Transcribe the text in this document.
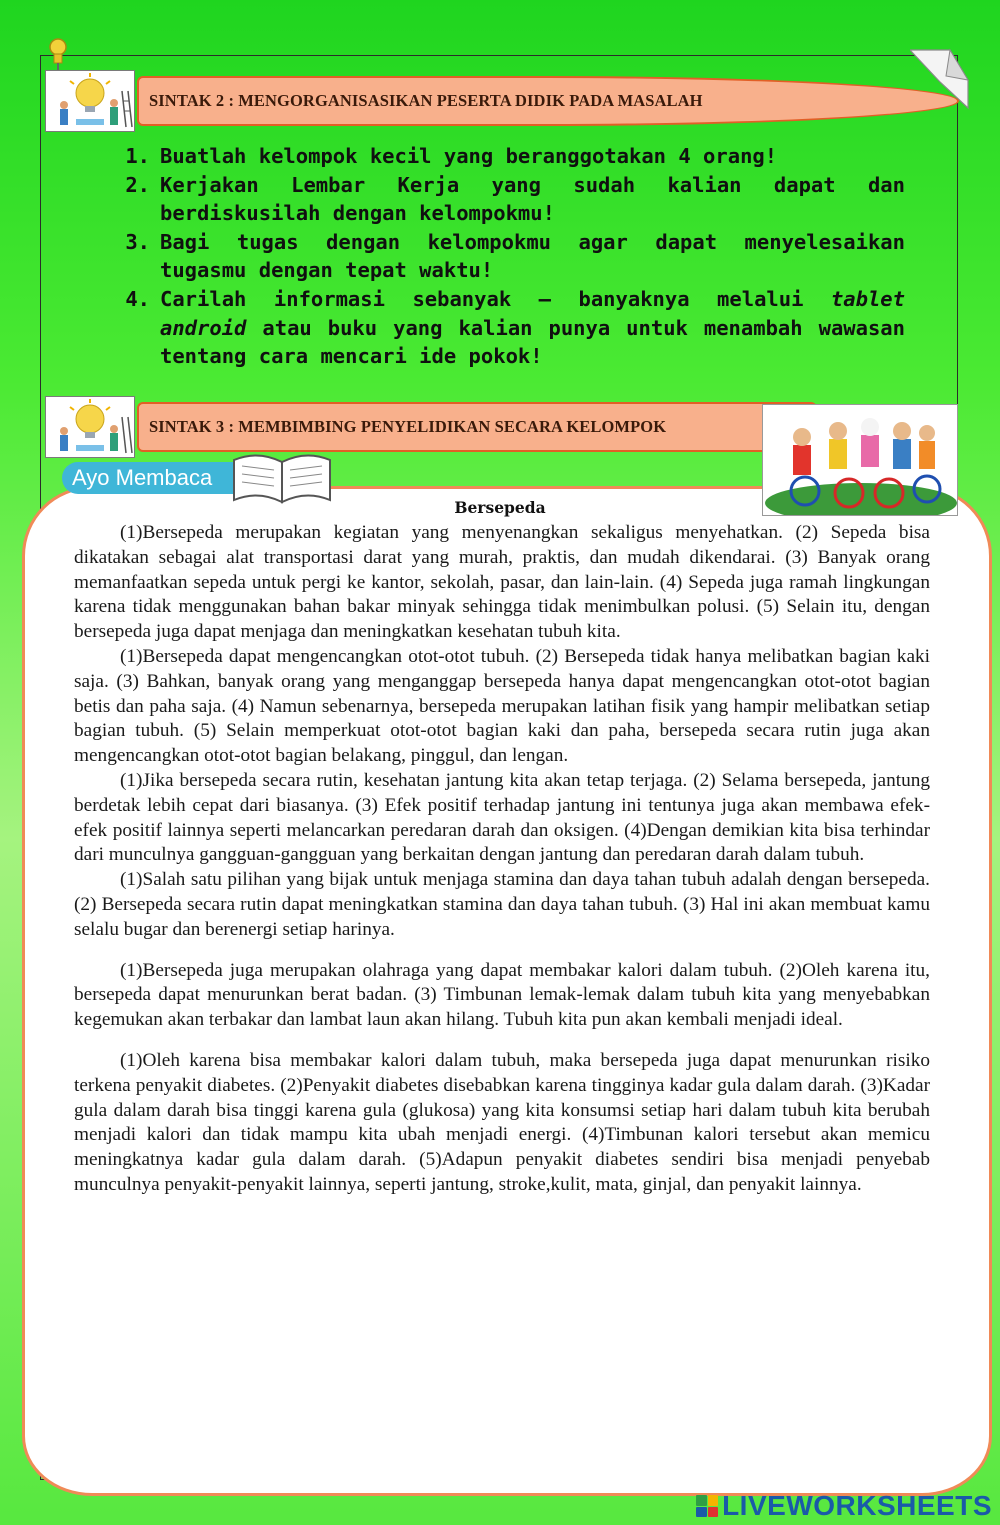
SINTAK 2 : MENGORGANISASIKAN PESERTA DIDIK PADA MASALAH
1. Buatlah kelompok kecil yang beranggotakan 4 orang!
2. Kerjakan Lembar Kerja yang sudah kalian dapat dan berdiskusilah dengan kelompokmu!
3. Bagi tugas dengan kelompokmu agar dapat menyelesaikan tugasmu dengan tepat waktu!
4. Carilah informasi sebanyak – banyaknya melalui tablet android atau buku yang kalian punya untuk menambah wawasan tentang cara mencari ide pokok!
SINTAK 3 : MEMBIMBING PENYELIDIKAN SECARA KELOMPOK
Ayo Membaca
Bersepeda

(1)Bersepeda merupakan kegiatan yang menyenangkan sekaligus menyehatkan. (2) Sepeda bisa dikatakan sebagai alat transportasi darat yang murah, praktis, dan mudah dikendarai. (3) Banyak orang memanfaatkan sepeda untuk pergi ke kantor, sekolah, pasar, dan lain-lain. (4) Sepeda juga ramah lingkungan karena tidak menggunakan bahan bakar minyak sehingga tidak menimbulkan polusi. (5) Selain itu, dengan bersepeda juga dapat menjaga dan meningkatkan kesehatan tubuh kita.

(1)Bersepeda dapat mengencangkan otot-otot tubuh. (2) Bersepeda tidak hanya melibatkan bagian kaki saja. (3) Bahkan, banyak orang yang menganggap bersepeda hanya dapat mengencangkan otot-otot bagian betis dan paha saja. (4) Namun sebenarnya, bersepeda merupakan latihan fisik yang hampir melibatkan setiap bagian tubuh. (5) Selain memperkuat otot-otot bagian kaki dan paha, bersepeda secara rutin juga akan mengencangkan otot-otot bagian belakang, pinggul, dan lengan.

(1)Jika bersepeda secara rutin, kesehatan jantung kita akan tetap terjaga. (2) Selama bersepeda, jantung berdetak lebih cepat dari biasanya. (3) Efek positif terhadap jantung ini tentunya juga akan membawa efek-efek positif lainnya seperti melancarkan peredaran darah dan oksigen. (4)Dengan demikian kita bisa terhindar dari munculnya gangguan-gangguan yang berkaitan dengan jantung dan peredaran darah dalam tubuh.

(1)Salah satu pilihan yang bijak untuk menjaga stamina dan daya tahan tubuh adalah dengan bersepeda. (2) Bersepeda secara rutin dapat meningkatkan stamina dan daya tahan tubuh. (3) Hal ini akan membuat kamu selalu bugar dan berenergi setiap harinya.

(1)Bersepeda juga merupakan olahraga yang dapat membakar kalori dalam tubuh. (2)Oleh karena itu, bersepeda dapat menurunkan berat badan. (3) Timbunan lemak-lemak dalam tubuh kita yang menyebabkan kegemukan akan terbakar dan lambat laun akan hilang. Tubuh kita pun akan kembali menjadi ideal.

(1)Oleh karena bisa membakar kalori dalam tubuh, maka bersepeda juga dapat menurunkan risiko terkena penyakit diabetes. (2)Penyakit diabetes disebabkan karena tingginya kadar gula dalam darah. (3)Kadar gula dalam darah bisa tinggi karena gula (glukosa) yang kita konsumsi setiap hari dalam tubuh kita berubah menjadi kalori dan tidak mampu kita ubah menjadi energi. (4)Timbunan kalori tersebut akan memicu meningkatnya kadar gula dalam darah. (5)Adapun penyakit diabetes sendiri bisa menjadi penyebab munculnya penyakit-penyakit lainnya, seperti jantung, stroke,kulit, mata, ginjal, dan penyakit lainnya.

LIVEWORKSHEETS
